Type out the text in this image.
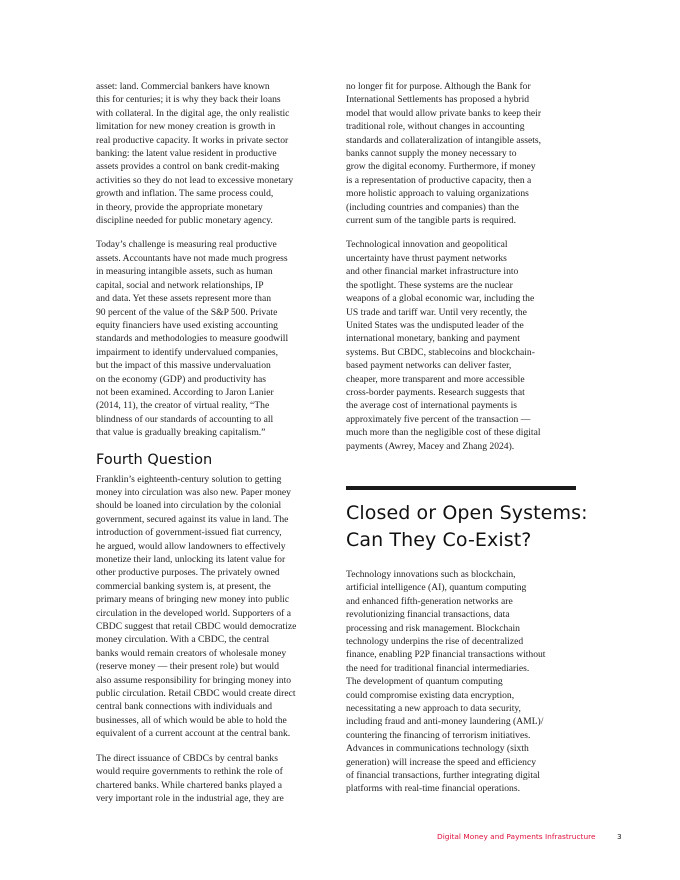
asset: land. Commercial bankers have known
this for centuries; it is why they back their loans
with collateral. In the digital age, the only realistic
limitation for new money creation is growth in
real productive capacity. It works in private sector
banking: the latent value resident in productive
assets provides a control on bank credit-making
activities so they do not lead to excessive monetary
growth and inflation. The same process could,
in theory, provide the appropriate monetary
discipline needed for public monetary agency.

Today’s challenge is measuring real productive
assets. Accountants have not made much progress
in measuring intangible assets, such as human
capital, social and network relationships, IP
and data. Yet these assets represent more than
90 percent of the value of the S&P 500. Private
equity financiers have used existing accounting
standards and methodologies to measure goodwill
impairment to identify undervalued companies,
but the impact of this massive undervaluation
on the economy (GDP) and productivity has
not been examined. According to Jaron Lanier
(2014, 11), the creator of virtual reality, “The
blindness of our standards of accounting to all
that value is gradually breaking capitalism.”

Fourth Question

Franklin’s eighteenth-century solution to getting
money into circulation was also new. Paper money
should be loaned into circulation by the colonial
government, secured against its value in land. The
introduction of government-issued fiat currency,
he argued, would allow landowners to effectively
monetize their land, unlocking its latent value for
other productive purposes. The privately owned
commercial banking system is, at present, the
primary means of bringing new money into public
circulation in the developed world. Supporters of a
CBDC suggest that retail CBDC would democratize
money circulation. With a CBDC, the central
banks would remain creators of wholesale money
(reserve money — their present role) but would
also assume responsibility for bringing money into
public circulation. Retail CBDC would create direct
central bank connections with individuals and
businesses, all of which would be able to hold the
equivalent of a current account at the central bank.

The direct issuance of CBDCs by central banks
would require governments to rethink the role of
chartered banks. While chartered banks played a
very important role in the industrial age, they are

no longer fit for purpose. Although the Bank for
International Settlements has proposed a hybrid
model that would allow private banks to keep their
traditional role, without changes in accounting
standards and collateralization of intangible assets,
banks cannot supply the money necessary to
grow the digital economy. Furthermore, if money
is a representation of productive capacity, then a
more holistic approach to valuing organizations
(including countries and companies) than the
current sum of the tangible parts is required.

Technological innovation and geopolitical
uncertainty have thrust payment networks
and other financial market infrastructure into
the spotlight. These systems are the nuclear
weapons of a global economic war, including the
US trade and tariff war. Until very recently, the
United States was the undisputed leader of the
international monetary, banking and payment
systems. But CBDC, stablecoins and blockchain-
based payment networks can deliver faster,
cheaper, more transparent and more accessible
cross-border payments. Research suggests that
the average cost of international payments is
approximately five percent of the transaction —
much more than the negligible cost of these digital
payments (Awrey, Macey and Zhang 2024).

Closed or Open Systems:
Can They Co-Exist?

Technology innovations such as blockchain,
artificial intelligence (AI), quantum computing
and enhanced fifth-generation networks are
revolutionizing financial transactions, data
processing and risk management. Blockchain
technology underpins the rise of decentralized
finance, enabling P2P financial transactions without
the need for traditional financial intermediaries.
The development of quantum computing
could compromise existing data encryption,
necessitating a new approach to data security,
including fraud and anti-money laundering (AML)/
countering the financing of terrorism initiatives.
Advances in communications technology (sixth
generation) will increase the speed and efficiency
of financial transactions, further integrating digital
platforms with real-time financial operations.

Digital Money and Payments Infrastructure	3
